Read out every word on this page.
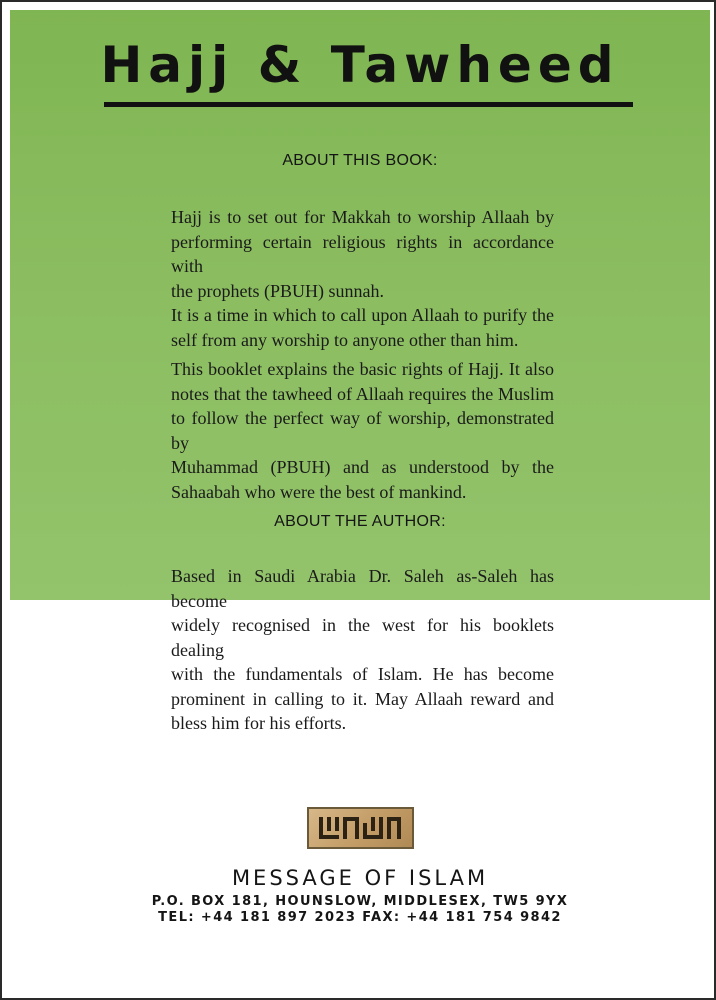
Hajj & Tawheed
ABOUT THIS BOOK:
Hajj is to set out for Makkah to worship Allaah by
performing certain religious rights in accordance with
the prophets (PBUH) sunnah.
It is a time in which to call upon Allaah to purify the
self from any worship to anyone other than him.
This booklet explains the basic rights of Hajj. It also
notes that the tawheed of Allaah requires the Muslim
to follow the perfect way of worship, demonstrated by
Muhammad (PBUH) and as understood by the
Sahaabah who were the best of mankind.
ABOUT THE AUTHOR:
Based in Saudi Arabia Dr. Saleh as-Saleh has become
widely recognised in the west for his booklets dealing
with the fundamentals of Islam. He has become
prominent in calling to it. May Allaah reward and
bless him for his efforts.
MESSAGE OF ISLAM
P.O. BOX 181, HOUNSLOW, MIDDLESEX, TW5 9YX
TEL: +44 181 897 2023 FAX: +44 181 754 9842
